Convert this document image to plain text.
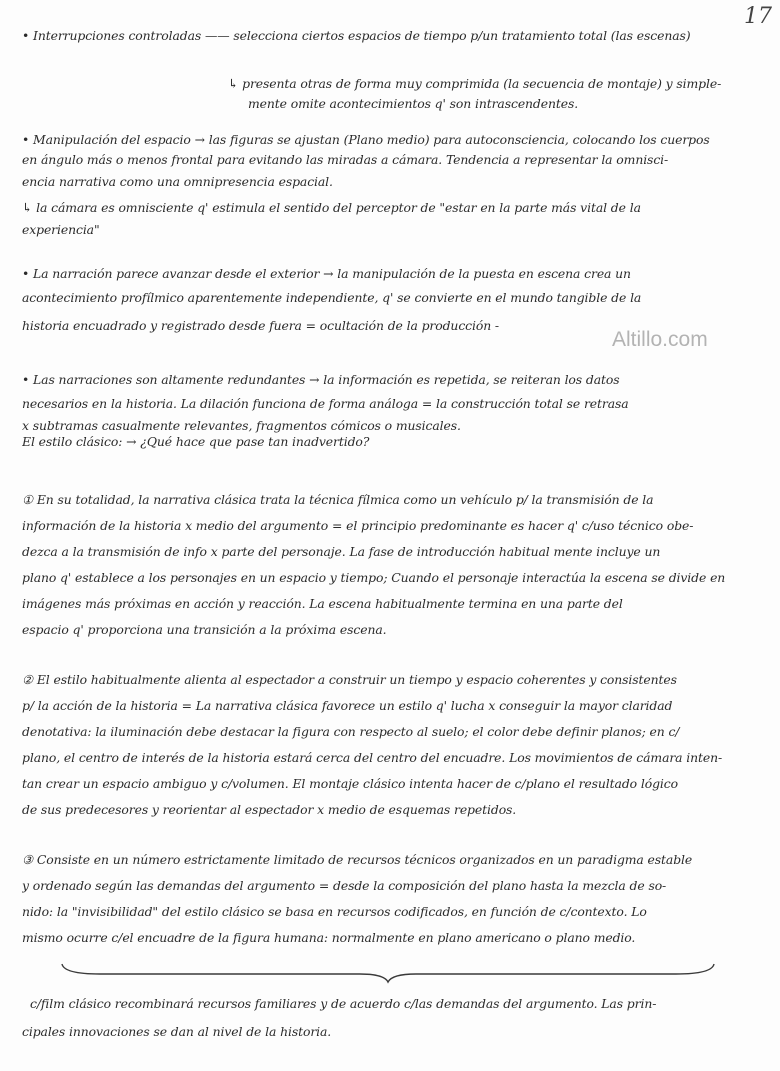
17
• Interrupciones controladas —— selecciona ciertos espacios de tiempo p/un tratamiento total (las escenas)
↳ presenta otras de forma muy comprimida (la secuencia de montaje) y simple-
mente omite acontecimientos q' son intrascendentes.
• Manipulación del espacio → las figuras se ajustan (Plano medio) para autoconsciencia, colocando los cuerpos
en ángulo más o menos frontal para evitando las miradas a cámara. Tendencia a representar la omnisci-
encia narrativa como una omnipresencia espacial.
↳ la cámara es omnisciente q' estimula el sentido del perceptor de "estar en la parte más vital de la
experiencia"
• La narración parece avanzar desde el exterior → la manipulación de la puesta en escena crea un
acontecimiento profílmico aparentemente independiente, q' se convierte en el mundo tangible de la
historia encuadrado y registrado desde fuera = ocultación de la producción -
• Las narraciones son altamente redundantes → la información es repetida, se reiteran los datos
necesarios en la historia. La dilación funciona de forma análoga = la construcción total se retrasa
x subtramas casualmente relevantes, fragmentos cómicos o musicales.
El estilo clásico: → ¿Qué hace que pase tan inadvertido?
① En su totalidad, la narrativa clásica trata la técnica fílmica como un vehículo p/ la transmisión de la
información de la historia x medio del argumento = el principio predominante es hacer q' c/uso técnico obe-
dezca a la transmisión de info x parte del personaje. La fase de introducción habitual mente incluye un
plano q' establece a los personajes en un espacio y tiempo; Cuando el personaje interactúa la escena se divide en
imágenes más próximas en acción y reacción. La escena habitualmente termina en una parte del
espacio q' proporciona una transición a la próxima escena.
② El estilo habitualmente alienta al espectador a construir un tiempo y espacio coherentes y consistentes
p/ la acción de la historia = La narrativa clásica favorece un estilo q' lucha x conseguir la mayor claridad
denotativa: la iluminación debe destacar la figura con respecto al suelo; el color debe definir planos; en c/
plano, el centro de interés de la historia estará cerca del centro del encuadre. Los movimientos de cámara inten-
tan crear un espacio ambiguo y c/volumen. El montaje clásico intenta hacer de c/plano el resultado lógico
de sus predecesores y reorientar al espectador x medio de esquemas repetidos.
③ Consiste en un número estrictamente limitado de recursos técnicos organizados en un paradigma estable
y ordenado según las demandas del argumento = desde la composición del plano hasta la mezcla de so-
nido: la "invisibilidad" del estilo clásico se basa en recursos codificados, en función de c/contexto. Lo
mismo ocurre c/el encuadre de la figura humana: normalmente en plano americano o plano medio.
c/film clásico recombinará recursos familiares y de acuerdo c/las demandas del argumento. Las prin-
cipales innovaciones se dan al nivel de la historia.
Altillo.com
